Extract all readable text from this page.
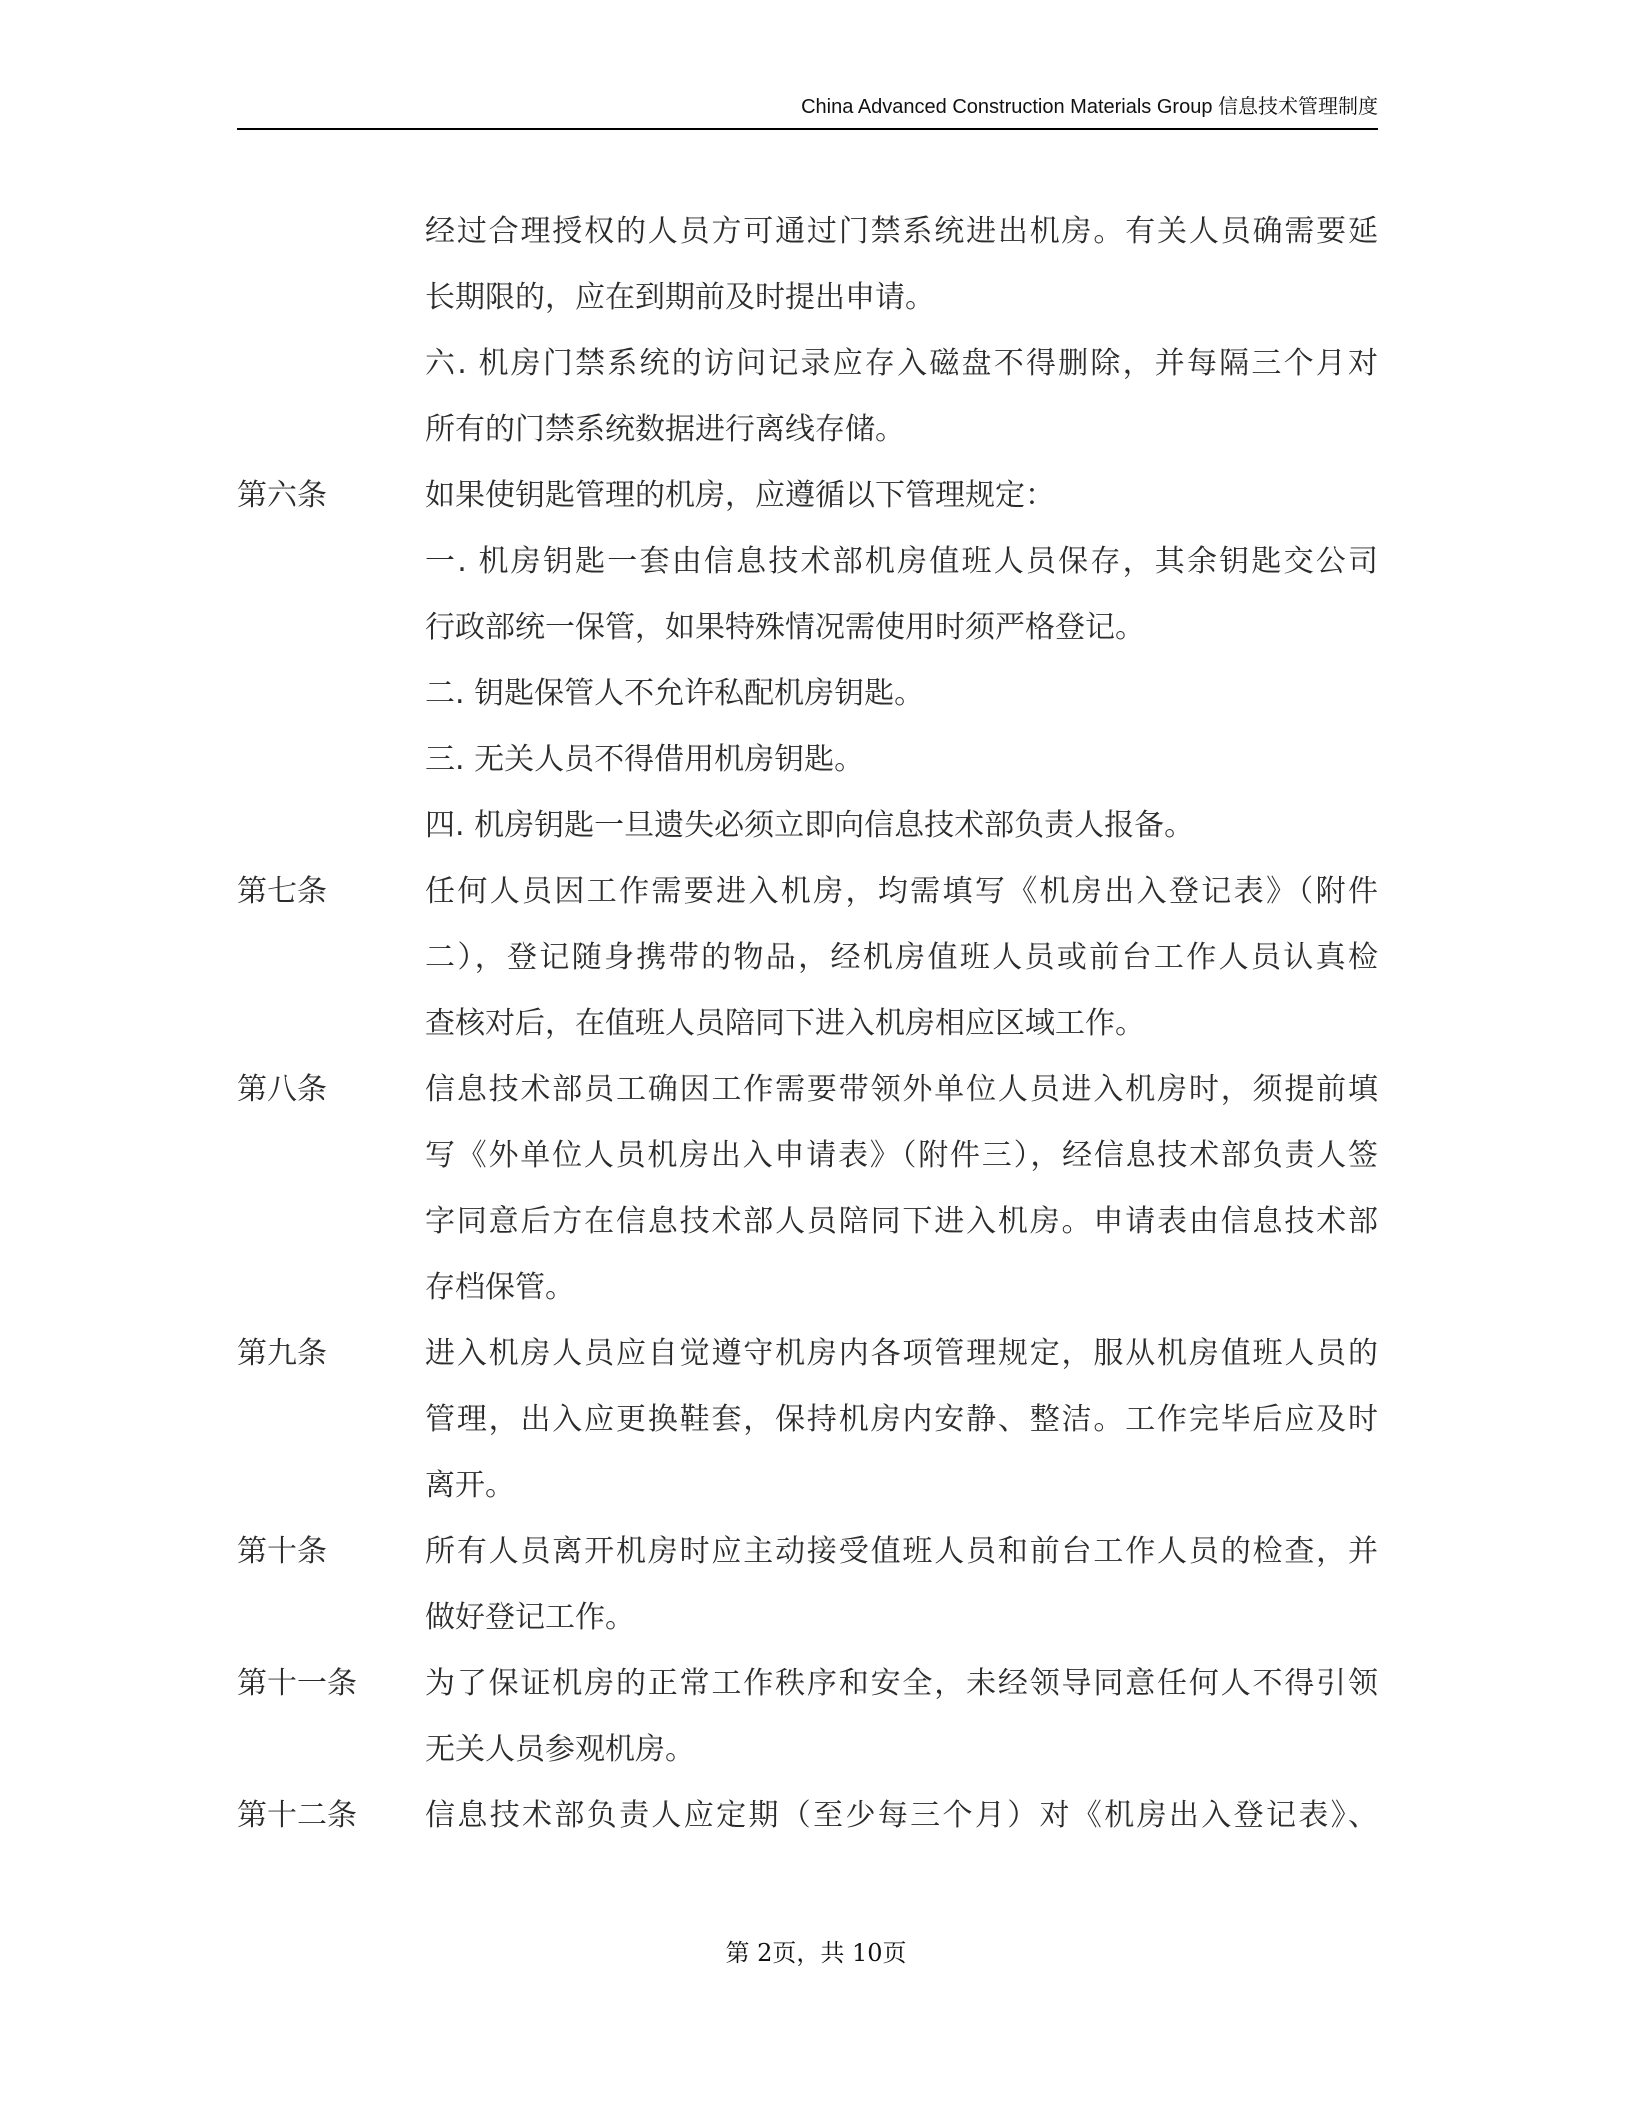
China Advanced Construction Materials Group 信息技术管理制度
经过合理授权的人员方可通过门禁系统进出机房。有关人员确需要延
长期限的，应在到期前及时提出申请。
六. 机房门禁系统的访问记录应存入磁盘不得删除，并每隔三个月对
所有的门禁系统数据进行离线存储。
第六条	如果使钥匙管理的机房，应遵循以下管理规定：
一. 机房钥匙一套由信息技术部机房值班人员保存，其余钥匙交公司
行政部统一保管，如果特殊情况需使用时须严格登记。
二. 钥匙保管人不允许私配机房钥匙。
三. 无关人员不得借用机房钥匙。
四. 机房钥匙一旦遗失必须立即向信息技术部负责人报备。
第七条	任何人员因工作需要进入机房，均需填写《机房出入登记表》（附件
二），登记随身携带的物品，经机房值班人员或前台工作人员认真检
查核对后，在值班人员陪同下进入机房相应区域工作。
第八条	信息技术部员工确因工作需要带领外单位人员进入机房时，须提前填
写《外单位人员机房出入申请表》（附件三），经信息技术部负责人签
字同意后方在信息技术部人员陪同下进入机房。申请表由信息技术部
存档保管。
第九条	进入机房人员应自觉遵守机房内各项管理规定，服从机房值班人员的
管理，出入应更换鞋套，保持机房内安静、整洁。工作完毕后应及时
离开。
第十条	所有人员离开机房时应主动接受值班人员和前台工作人员的检查，并
做好登记工作。
第十一条	为了保证机房的正常工作秩序和安全，未经领导同意任何人不得引领
无关人员参观机房。
第十二条	信息技术部负责人应定期（至少每三个月）对《机房出入登记表》、
第 2页，共 10页
